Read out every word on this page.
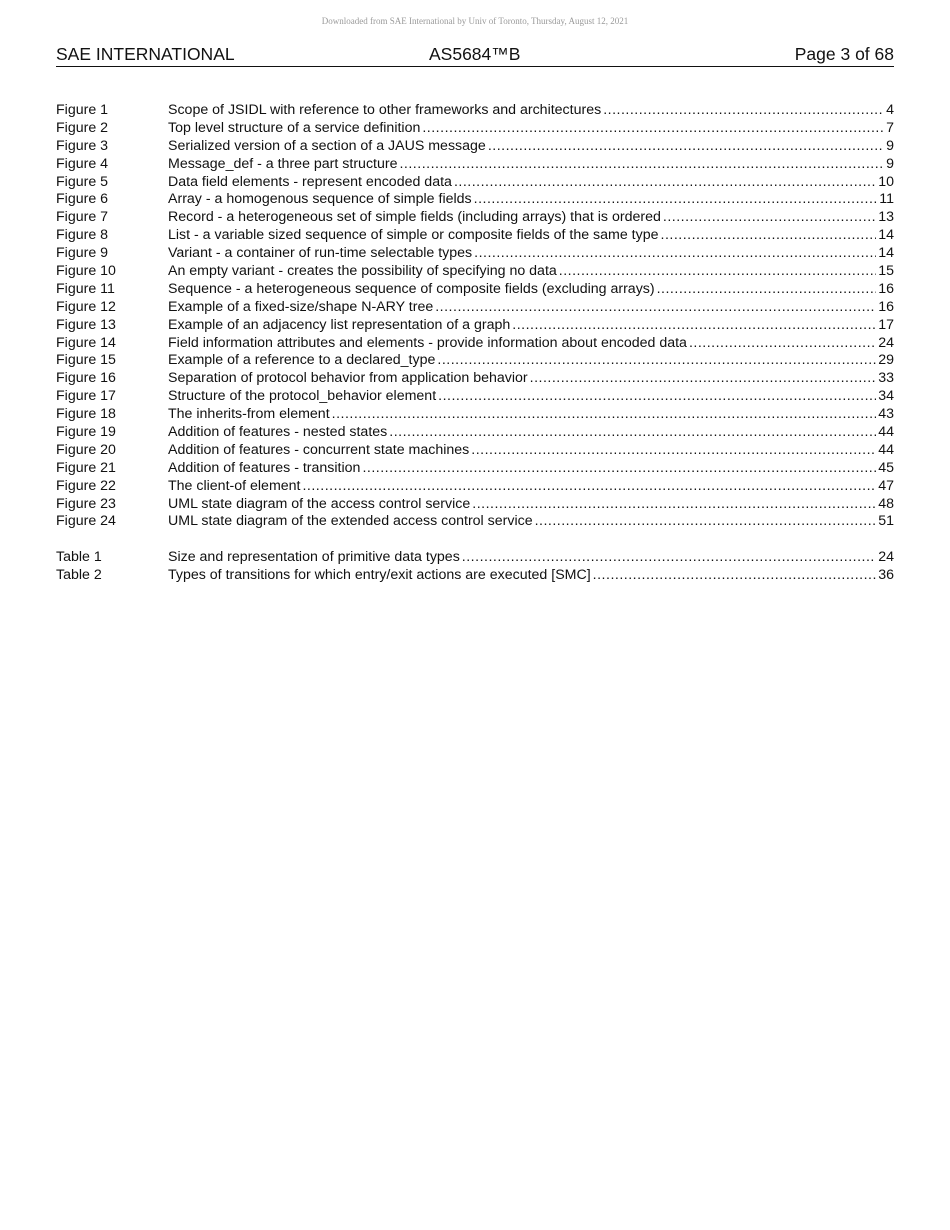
Downloaded from SAE International by Univ of Toronto, Thursday, August 12, 2021
SAE INTERNATIONAL	AS5684™B	Page 3 of 68
Figure 1	Scope of JSIDL with reference to other frameworks and architectures .....	4
Figure 2	Top level structure of a service definition .....	7
Figure 3	Serialized version of a section of a JAUS message .....	9
Figure 4	Message_def - a three part structure .....	9
Figure 5	Data field elements - represent encoded data .....	10
Figure 6	Array - a homogenous sequence of simple fields .....	11
Figure 7	Record - a heterogeneous set of simple fields (including arrays) that is ordered .....	13
Figure 8	List - a variable sized sequence of simple or composite fields of the same type .....	14
Figure 9	Variant - a container of run-time selectable types .....	14
Figure 10	An empty variant - creates the possibility of specifying no data .....	15
Figure 11	Sequence - a heterogeneous sequence of composite fields (excluding arrays) .....	16
Figure 12	Example of a fixed-size/shape N-ARY tree .....	16
Figure 13	Example of an adjacency list representation of a graph .....	17
Figure 14	Field information attributes and elements - provide information about encoded data .....	24
Figure 15	Example of a reference to a declared_type .....	29
Figure 16	Separation of protocol behavior from application behavior .....	33
Figure 17	Structure of the protocol_behavior element .....	34
Figure 18	The inherits-from element .....	43
Figure 19	Addition of features - nested states .....	44
Figure 20	Addition of features - concurrent state machines .....	44
Figure 21	Addition of features - transition .....	45
Figure 22	The client-of element .....	47
Figure 23	UML state diagram of the access control service .....	48
Figure 24	UML state diagram of the extended access control service .....	51
Table 1	Size and representation of primitive data types .....	24
Table 2	Types of transitions for which entry/exit actions are executed [SMC] .....	36
